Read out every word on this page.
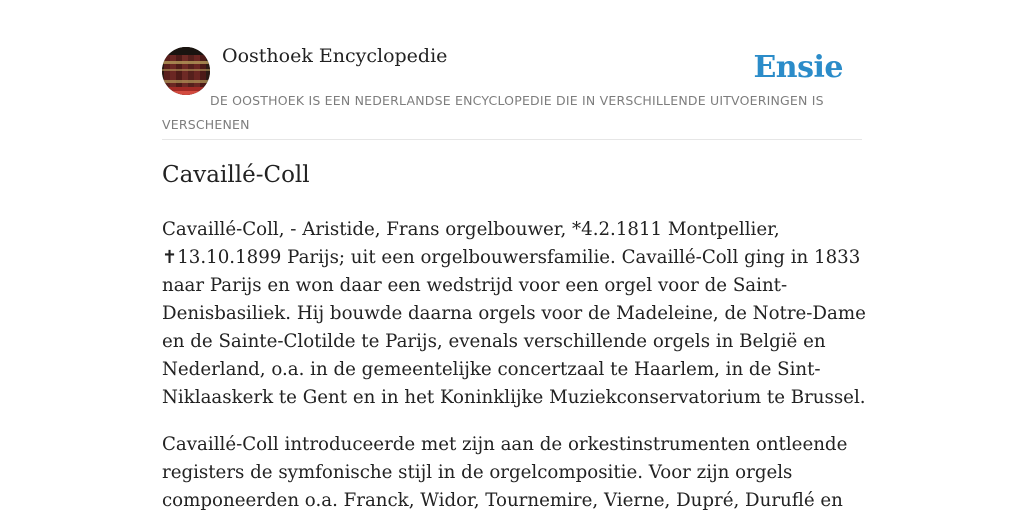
Oosthoek Encyclopedie	Ensie
DE OOSTHOEK IS EEN NEDERLANDSE ENCYCLOPEDIE DIE IN VERSCHILLENDE UITVOERINGEN IS VERSCHENEN
Cavaillé-Coll

Cavaillé-Coll, - Aristide, Frans orgelbouwer, *4.2.1811 Montpellier, ✝13.10.1899 Parijs; uit een orgelbouwersfamilie. Cavaillé-Coll ging in 1833 naar Parijs en won daar een wedstrijd voor een orgel voor de Saint-Denisbasiliek. Hij bouwde daarna orgels voor de Madeleine, de Notre-Dame en de Sainte-Clotilde te Parijs, evenals verschillende orgels in België en Nederland, o.a. in de gemeentelijke concertzaal te Haarlem, in de Sint-Niklaaskerk te Gent en in het Koninklijke Muziekconservatorium te Brussel.

Cavaillé-Coll introduceerde met zijn aan de orkestinstrumenten ontleende registers de symfonische stijl in de orgelcompositie. Voor zijn orgels componeerden o.a. Franck, Widor, Tournemire, Vierne, Dupré, Duruflé en
